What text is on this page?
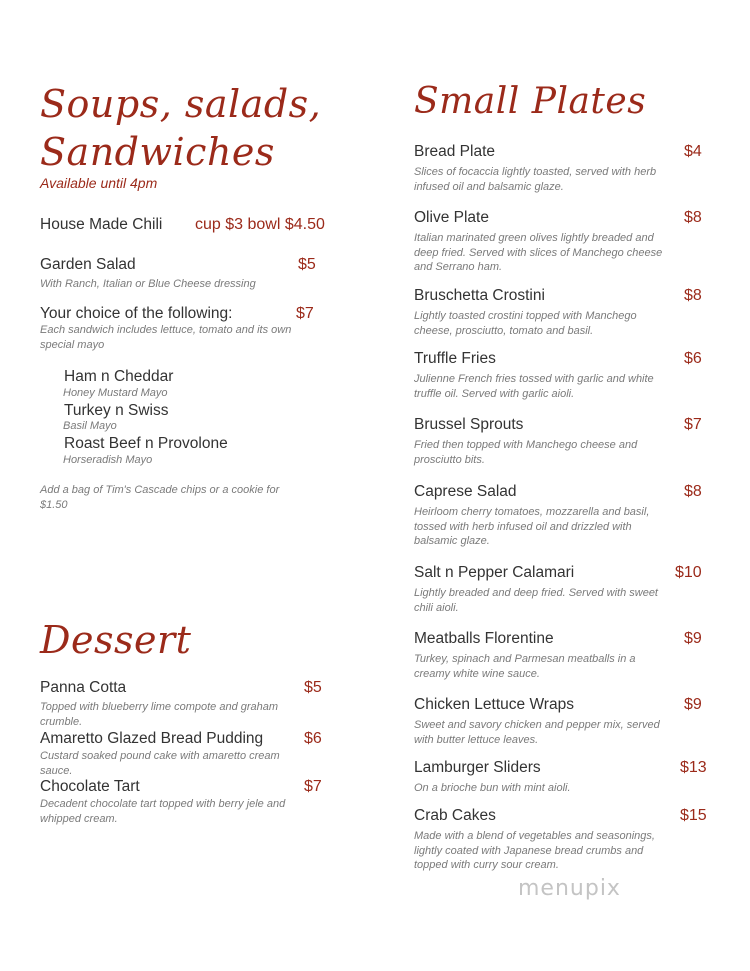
Soups, salads,
Sandwiches
Available until 4pm
House Made Chili cup $3 bowl $4.50
Garden Salad	$5
With Ranch, Italian or Blue Cheese dressing
Your choice of the following:	$7
Each sandwich includes lettuce, tomato and its own
special mayo
Ham n Cheddar
Honey Mustard Mayo
Turkey n Swiss
Basil Mayo
Roast Beef n Provolone
Horseradish Mayo
Add a bag of Tim's Cascade chips or a cookie for
$1.50
Dessert
Panna Cotta	$5
Topped with blueberry lime compote and graham
crumble.
Amaretto Glazed Bread Pudding	$6
Custard soaked pound cake with amaretto cream
sauce.
Chocolate Tart	$7
Decadent chocolate tart topped with berry jele and
whipped cream.
Small Plates
Bread Plate	$4
Slices of focaccia lightly toasted, served with herb
infused oil and balsamic glaze.
Olive Plate	$8
Italian marinated green olives lightly breaded and
deep fried. Served with slices of Manchego cheese
and Serrano ham.
Bruschetta Crostini	$8
Lightly toasted crostini topped with Manchego
cheese, prosciutto, tomato and basil.
Truffle Fries	$6
Julienne French fries tossed with garlic and white
truffle oil. Served with garlic aioli.
Brussel Sprouts	$7
Fried then topped with Manchego cheese and
prosciutto bits.
Caprese Salad	$8
Heirloom cherry tomatoes, mozzarella and basil,
tossed with herb infused oil and drizzled with
balsamic glaze.
Salt n Pepper Calamari	$10
Lightly breaded and deep fried. Served with sweet
chili aioli.
Meatballs Florentine	$9
Turkey, spinach and Parmesan meatballs in a
creamy white wine sauce.
Chicken Lettuce Wraps	$9
Sweet and savory chicken and pepper mix, served
with butter lettuce leaves.
Lamburger Sliders	$13
On a brioche bun with mint aioli.
Crab Cakes	$15
Made with a blend of vegetables and seasonings,
lightly coated with Japanese bread crumbs and
topped with curry sour cream.
menupix
